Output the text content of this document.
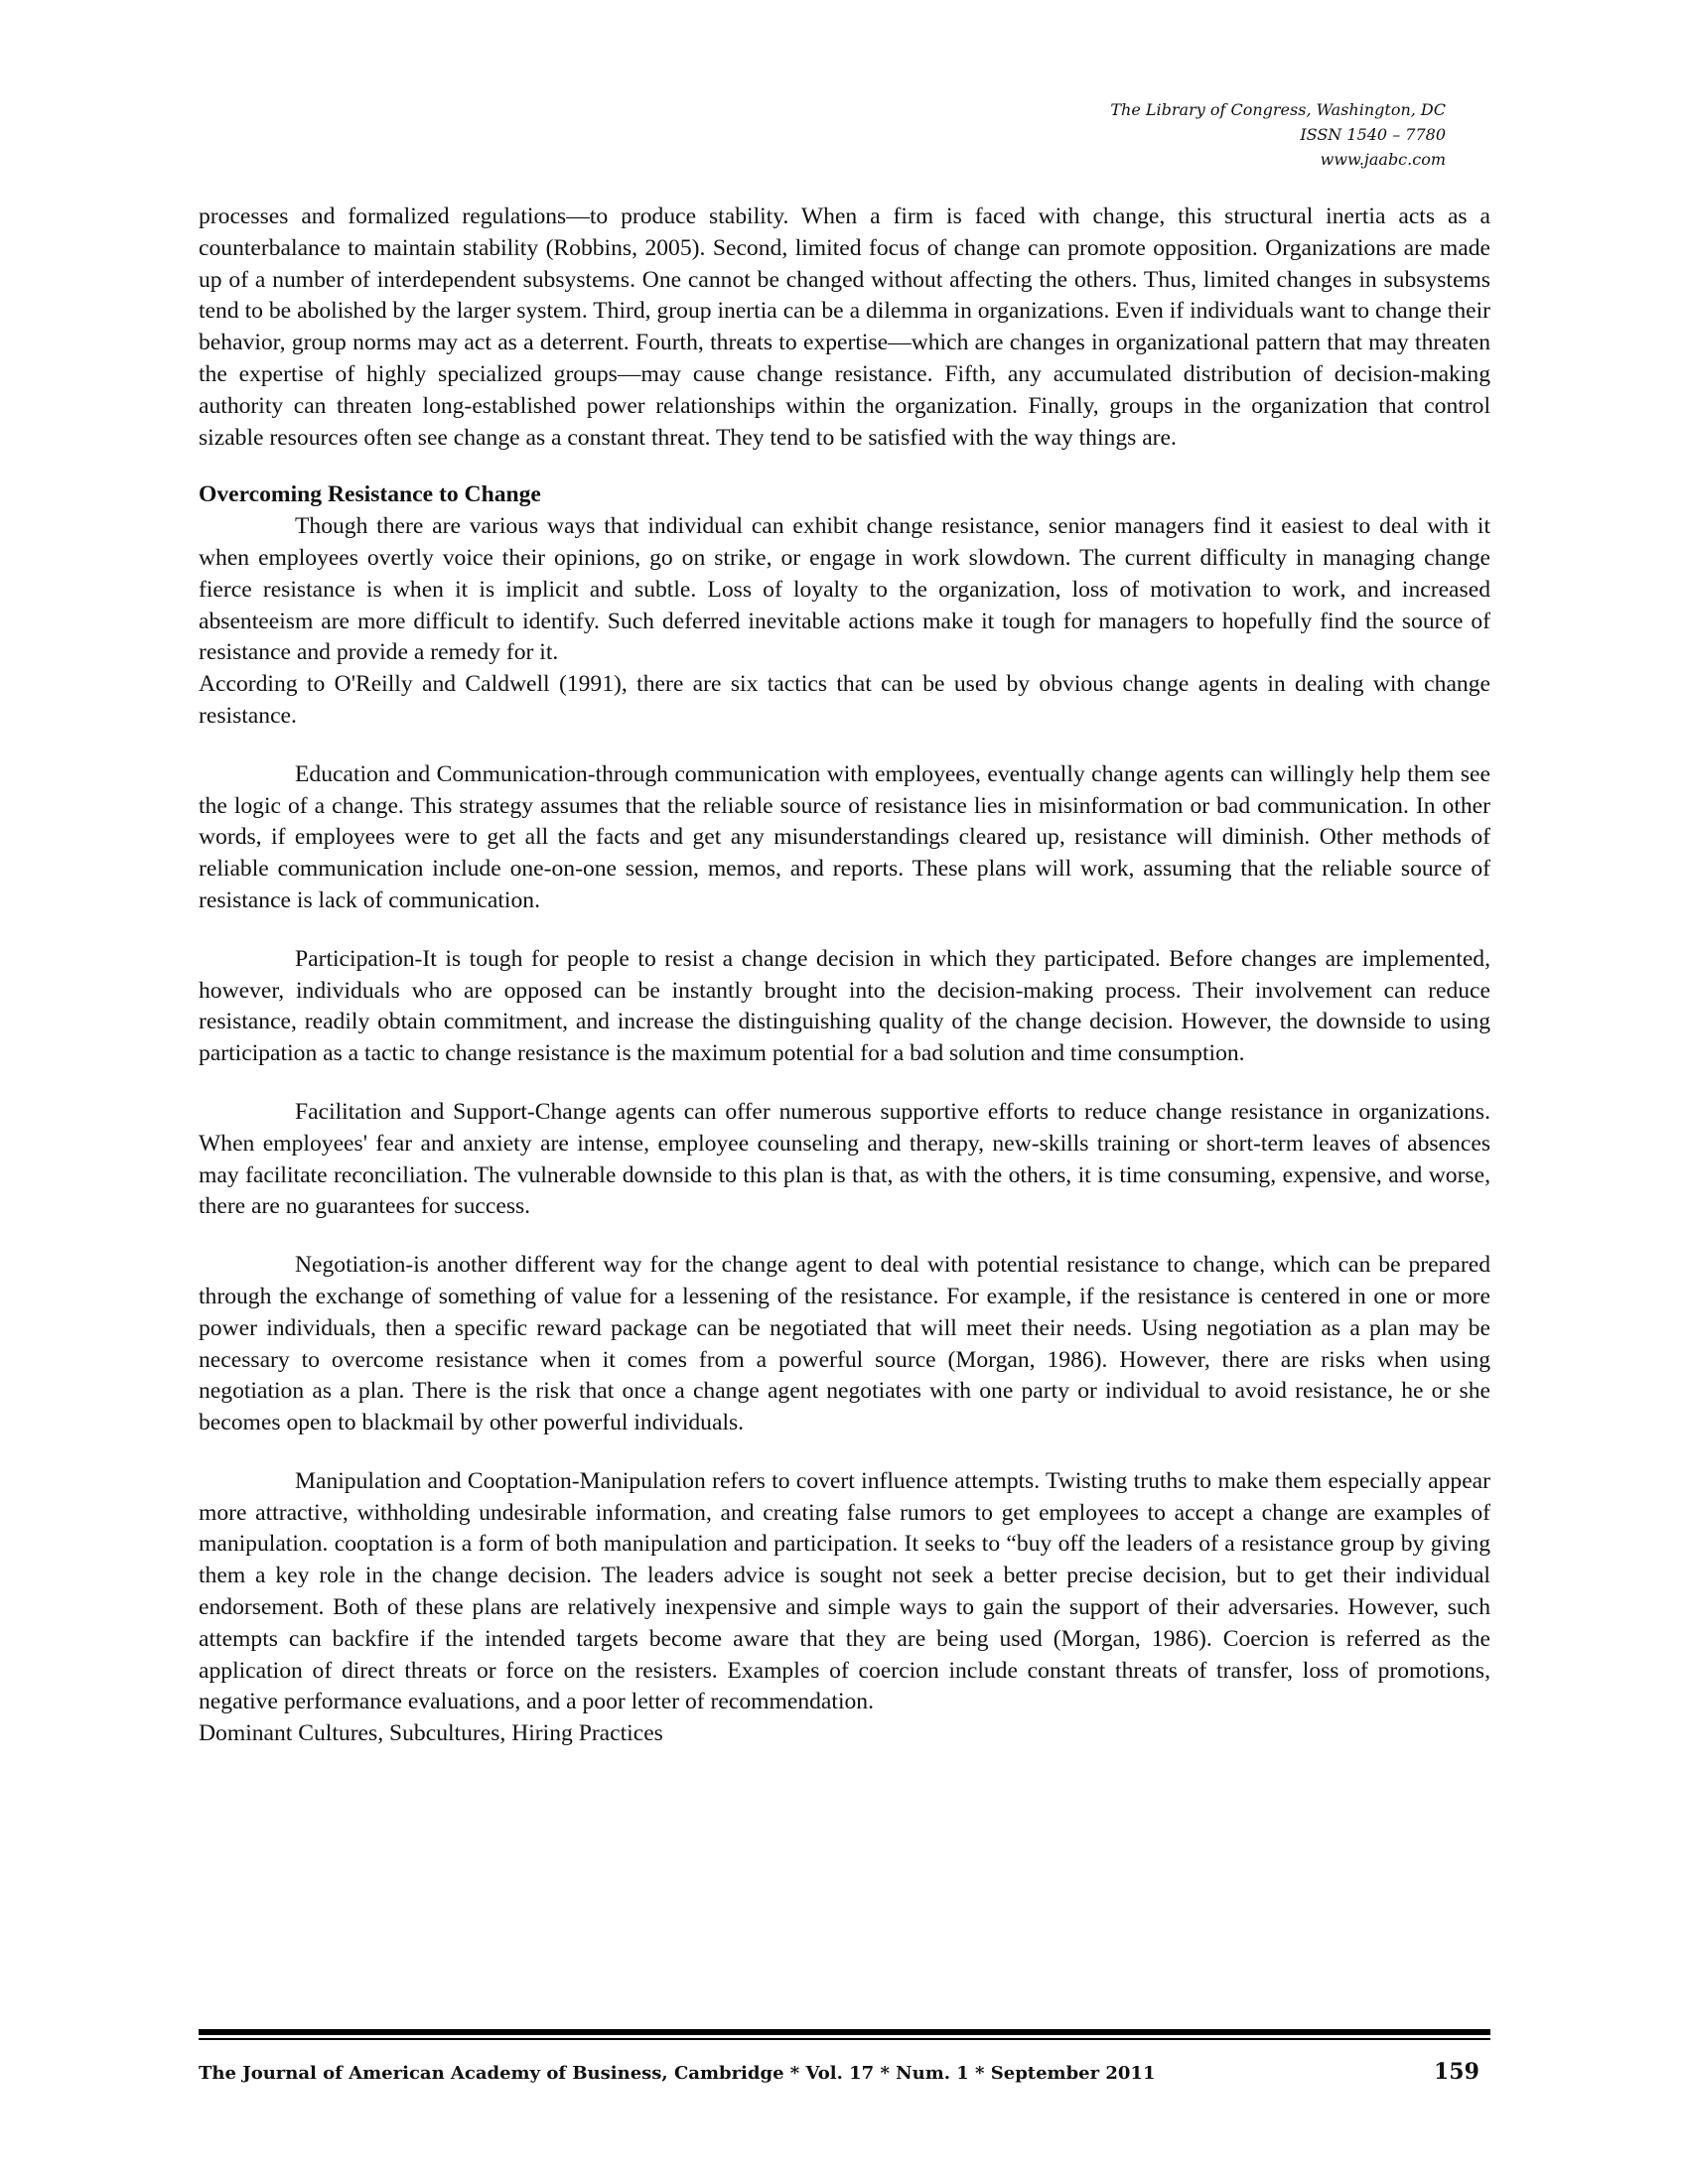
The Library of Congress, Washington, DC
ISSN 1540 – 7780
www.jaabc.com

processes and formalized regulations—to produce stability. When a firm is faced with change, this structural inertia acts as a counterbalance to maintain stability (Robbins, 2005). Second, limited focus of change can promote opposition. Organizations are made up of a number of interdependent subsystems. One cannot be changed without affecting the others. Thus, limited changes in subsystems tend to be abolished by the larger system. Third, group inertia can be a dilemma in organizations. Even if individuals want to change their behavior, group norms may act as a deterrent. Fourth, threats to expertise—which are changes in organizational pattern that may threaten the expertise of highly specialized groups—may cause change resistance. Fifth, any accumulated distribution of decision-making authority can threaten long-established power relationships within the organization. Finally, groups in the organization that control sizable resources often see change as a constant threat. They tend to be satisfied with the way things are.

Overcoming Resistance to Change

Though there are various ways that individual can exhibit change resistance, senior managers find it easiest to deal with it when employees overtly voice their opinions, go on strike, or engage in work slowdown. The current difficulty in managing change fierce resistance is when it is implicit and subtle. Loss of loyalty to the organization, loss of motivation to work, and increased absenteeism are more difficult to identify. Such deferred inevitable actions make it tough for managers to hopefully find the source of resistance and provide a remedy for it.

According to O'Reilly and Caldwell (1991), there are six tactics that can be used by obvious change agents in dealing with change resistance.

Education and Communication-through communication with employees, eventually change agents can willingly help them see the logic of a change. This strategy assumes that the reliable source of resistance lies in misinformation or bad communication. In other words, if employees were to get all the facts and get any misunderstandings cleared up, resistance will diminish. Other methods of reliable communication include one-on-one session, memos, and reports. These plans will work, assuming that the reliable source of resistance is lack of communication.

Participation-It is tough for people to resist a change decision in which they participated. Before changes are implemented, however, individuals who are opposed can be instantly brought into the decision-making process. Their involvement can reduce resistance, readily obtain commitment, and increase the distinguishing quality of the change decision. However, the downside to using participation as a tactic to change resistance is the maximum potential for a bad solution and time consumption.

Facilitation and Support-Change agents can offer numerous supportive efforts to reduce change resistance in organizations. When employees' fear and anxiety are intense, employee counseling and therapy, new-skills training or short-term leaves of absences may facilitate reconciliation. The vulnerable downside to this plan is that, as with the others, it is time consuming, expensive, and worse, there are no guarantees for success.

Negotiation-is another different way for the change agent to deal with potential resistance to change, which can be prepared through the exchange of something of value for a lessening of the resistance. For example, if the resistance is centered in one or more power individuals, then a specific reward package can be negotiated that will meet their needs. Using negotiation as a plan may be necessary to overcome resistance when it comes from a powerful source (Morgan, 1986). However, there are risks when using negotiation as a plan. There is the risk that once a change agent negotiates with one party or individual to avoid resistance, he or she becomes open to blackmail by other powerful individuals.

Manipulation and Cooptation-Manipulation refers to covert influence attempts. Twisting truths to make them especially appear more attractive, withholding undesirable information, and creating false rumors to get employees to accept a change are examples of manipulation. cooptation is a form of both manipulation and participation. It seeks to “buy off the leaders of a resistance group by giving them a key role in the change decision. The leaders advice is sought not seek a better precise decision, but to get their individual endorsement. Both of these plans are relatively inexpensive and simple ways to gain the support of their adversaries. However, such attempts can backfire if the intended targets become aware that they are being used (Morgan, 1986). Coercion is referred as the application of direct threats or force on the resisters. Examples of coercion include constant threats of transfer, loss of promotions, negative performance evaluations, and a poor letter of recommendation.

Dominant Cultures, Subcultures, Hiring Practices

The Journal of American Academy of Business, Cambridge * Vol. 17 * Num. 1 * September 2011	159
